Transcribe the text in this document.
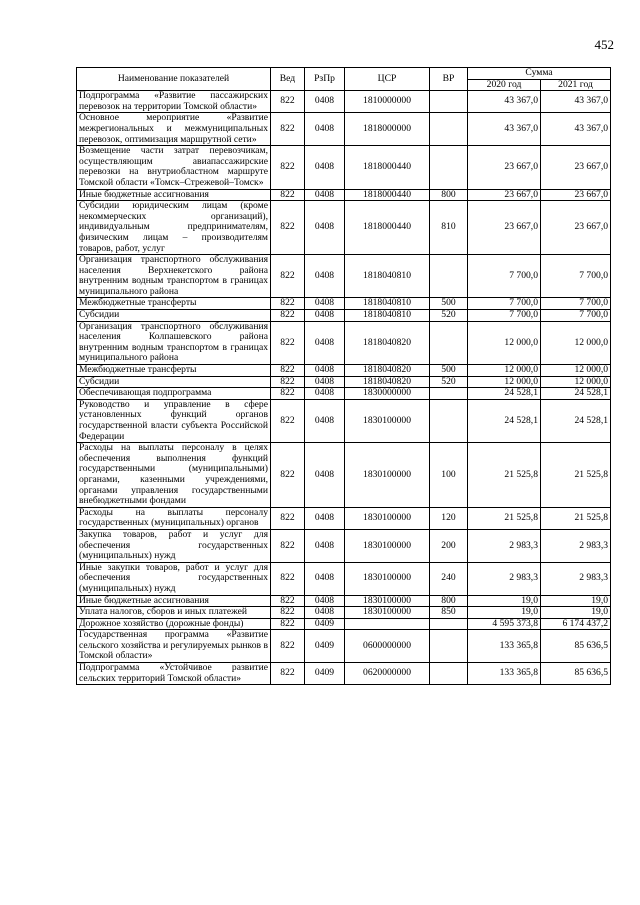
452
Наименование показателей	Вед	РзПр	ЦСР	ВР	Сумма	
					2020 год	2021 год
Подпрограмма «Развитие пассажирских перевозок на территории Томской области»	822	0408	1810000000		43 367,0	43 367,0
Основное мероприятие «Развитие межрегиональных и межмуниципальных перевозок, оптимизация маршрутной сети»	822	0408	1818000000		43 367,0	43 367,0
Возмещение части затрат перевозчикам, осуществляющим авиапассажирские перевозки на внутриобластном маршруте Томской области «Томск–Стрежевой–Томск»	822	0408	1818000440		23 667,0	23 667,0
Иные бюджетные ассигнования	822	0408	1818000440	800	23 667,0	23 667,0
Субсидии юридическим лицам (кроме некоммерческих организаций), индивидуальным предпринимателям, физическим лицам – производителям товаров, работ, услуг	822	0408	1818000440	810	23 667,0	23 667,0
Организация транспортного обслуживания населения Верхнекетского района внутренним водным транспортом в границах муниципального района	822	0408	1818040810		7 700,0	7 700,0
Межбюджетные трансферты	822	0408	1818040810	500	7 700,0	7 700,0
Субсидии	822	0408	1818040810	520	7 700,0	7 700,0
Организация транспортного обслуживания населения Колпашевского района внутренним водным транспортом в границах муниципального района	822	0408	1818040820		12 000,0	12 000,0
Межбюджетные трансферты	822	0408	1818040820	500	12 000,0	12 000,0
Субсидии	822	0408	1818040820	520	12 000,0	12 000,0
Обеспечивающая подпрограмма	822	0408	1830000000		24 528,1	24 528,1
Руководство и управление в сфере установленных функций органов государственной власти субъекта Российской Федерации	822	0408	1830100000		24 528,1	24 528,1
Расходы на выплаты персоналу в целях обеспечения выполнения функций государственными (муниципальными) органами, казенными учреждениями, органами управления государственными внебюджетными фондами	822	0408	1830100000	100	21 525,8	21 525,8
Расходы на выплаты персоналу государственных (муниципальных) органов	822	0408	1830100000	120	21 525,8	21 525,8
Закупка товаров, работ и услуг для обеспечения государственных (муниципальных) нужд	822	0408	1830100000	200	2 983,3	2 983,3
Иные закупки товаров, работ и услуг для обеспечения государственных (муниципальных) нужд	822	0408	1830100000	240	2 983,3	2 983,3
Иные бюджетные ассигнования	822	0408	1830100000	800	19,0	19,0
Уплата налогов, сборов и иных платежей	822	0408	1830100000	850	19,0	19,0
Дорожное хозяйство (дорожные фонды)	822	0409			4 595 373,8	6 174 437,2
Государственная программа «Развитие сельского хозяйства и регулируемых рынков в Томской области»	822	0409	0600000000		133 365,8	85 636,5
Подпрограмма «Устойчивое развитие сельских территорий Томской области»	822	0409	0620000000		133 365,8	85 636,5
